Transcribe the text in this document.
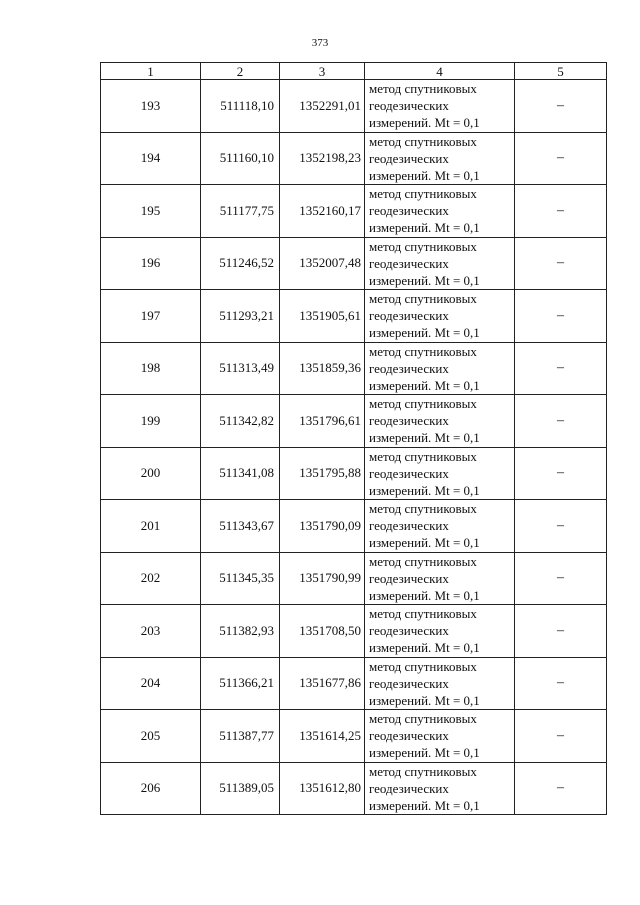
373
1	2	3	4	5
193	511118,10	1352291,01	метод спутниковых
геодезических
измерений. Mt = 0,1	–
194	511160,10	1352198,23	метод спутниковых
геодезических
измерений. Mt = 0,1	–
195	511177,75	1352160,17	метод спутниковых
геодезических
измерений. Mt = 0,1	–
196	511246,52	1352007,48	метод спутниковых
геодезических
измерений. Mt = 0,1	–
197	511293,21	1351905,61	метод спутниковых
геодезических
измерений. Mt = 0,1	–
198	511313,49	1351859,36	метод спутниковых
геодезических
измерений. Mt = 0,1	–
199	511342,82	1351796,61	метод спутниковых
геодезических
измерений. Mt = 0,1	–
200	511341,08	1351795,88	метод спутниковых
геодезических
измерений. Mt = 0,1	–
201	511343,67	1351790,09	метод спутниковых
геодезических
измерений. Mt = 0,1	–
202	511345,35	1351790,99	метод спутниковых
геодезических
измерений. Mt = 0,1	–
203	511382,93	1351708,50	метод спутниковых
геодезических
измерений. Mt = 0,1	–
204	511366,21	1351677,86	метод спутниковых
геодезических
измерений. Mt = 0,1	–
205	511387,77	1351614,25	метод спутниковых
геодезических
измерений. Mt = 0,1	–
206	511389,05	1351612,80	метод спутниковых
геодезических
измерений. Mt = 0,1	–
